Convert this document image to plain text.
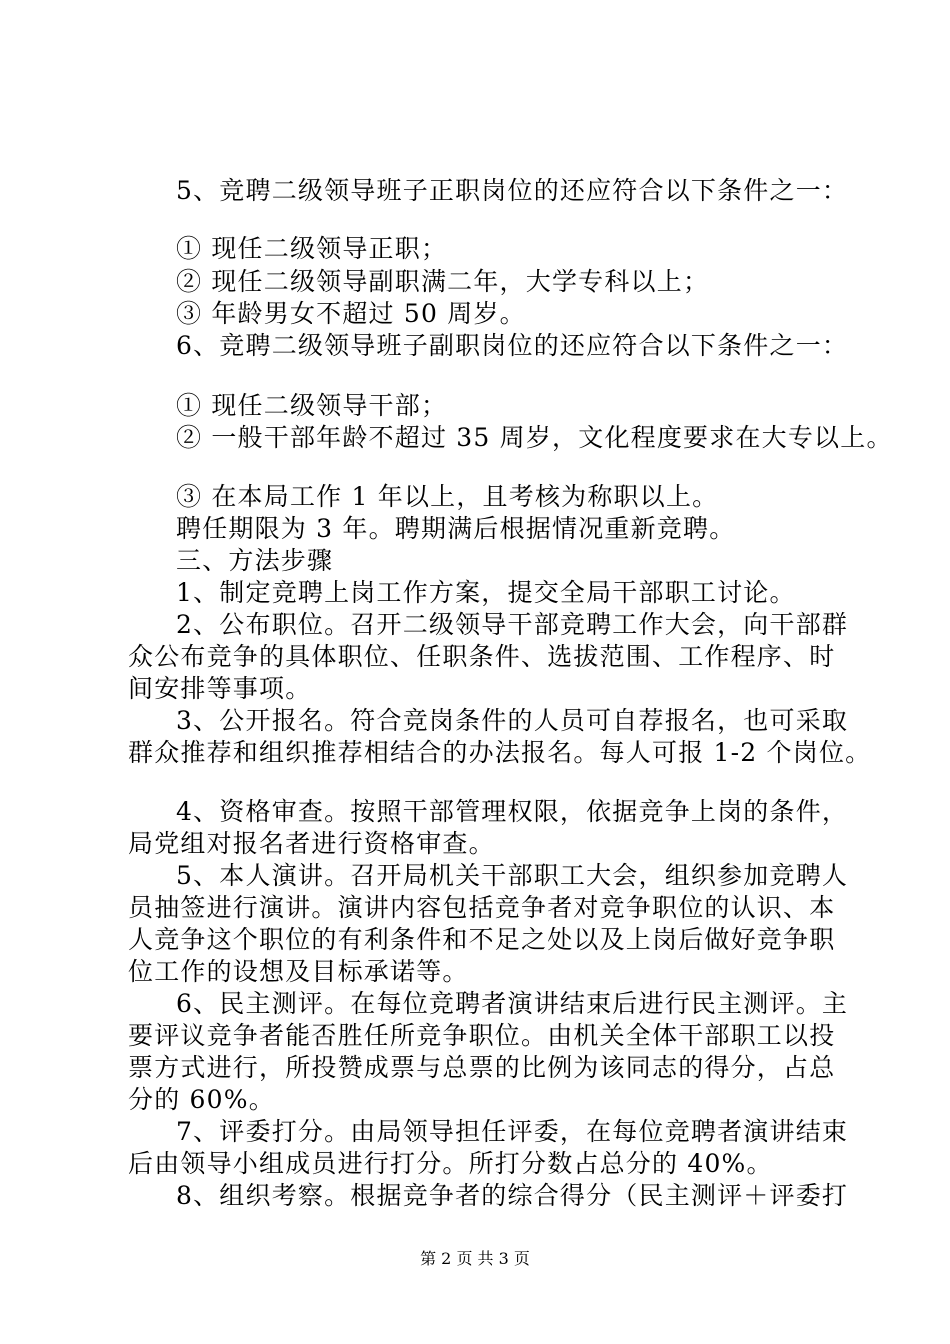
5、竞聘二级领导班子正职岗位的还应符合以下条件之一：
① 现任二级领导正职；
② 现任二级领导副职满二年，大学专科以上；
③ 年龄男女不超过 50 周岁。
6、竞聘二级领导班子副职岗位的还应符合以下条件之一：
① 现任二级领导干部；
② 一般干部年龄不超过 35 周岁，文化程度要求在大专以上。
③ 在本局工作 1 年以上，且考核为称职以上。
聘任期限为 3 年。聘期满后根据情况重新竞聘。
三、方法步骤
1、制定竞聘上岗工作方案，提交全局干部职工讨论。
2、公布职位。召开二级领导干部竞聘工作大会，向干部群
众公布竞争的具体职位、任职条件、选拔范围、工作程序、时
间安排等事项。
3、公开报名。符合竞岗条件的人员可自荐报名，也可采取
群众推荐和组织推荐相结合的办法报名。每人可报 1-2 个岗位。
4、资格审查。按照干部管理权限，依据竞争上岗的条件，
局党组对报名者进行资格审查。
5、本人演讲。召开局机关干部职工大会，组织参加竞聘人
员抽签进行演讲。演讲内容包括竞争者对竞争职位的认识、本
人竞争这个职位的有利条件和不足之处以及上岗后做好竞争职
位工作的设想及目标承诺等。
6、民主测评。在每位竞聘者演讲结束后进行民主测评。主
要评议竞争者能否胜任所竞争职位。由机关全体干部职工以投
票方式进行，所投赞成票与总票的比例为该同志的得分，占总
分的 60%。
7、评委打分。由局领导担任评委，在每位竞聘者演讲结束
后由领导小组成员进行打分。所打分数占总分的 40%。
8、组织考察。根据竞争者的综合得分（民主测评＋评委打
第 2 页 共 3 页
